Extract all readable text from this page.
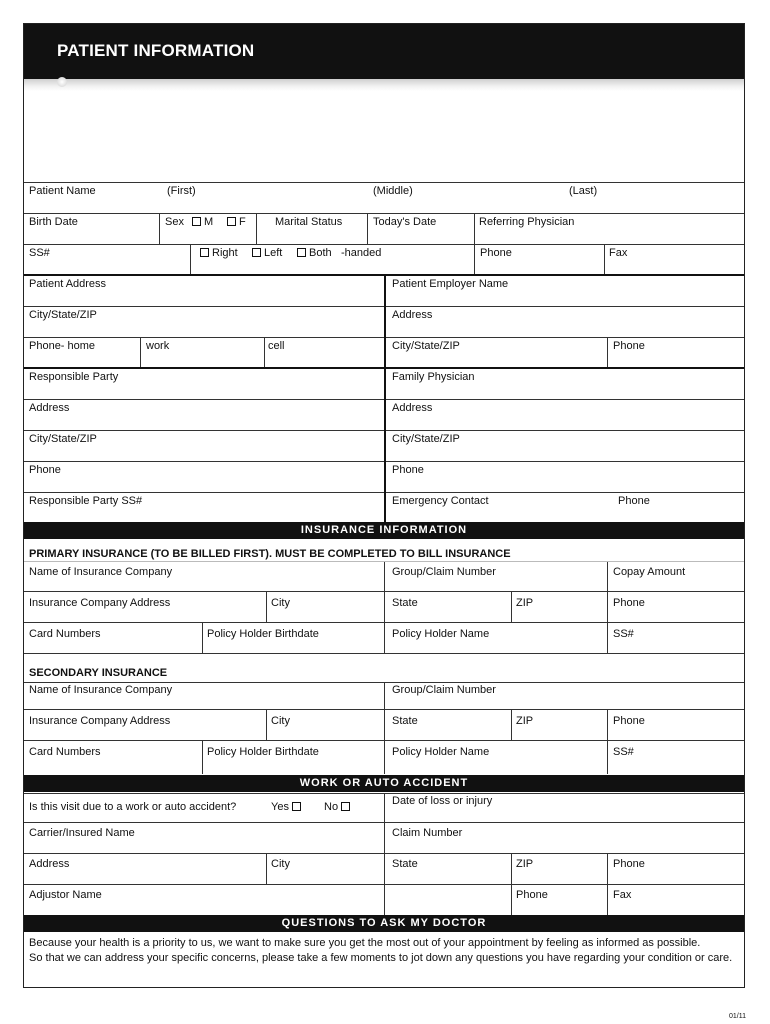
PATIENT INFORMATION
Patient Name	(First)	(Middle)	(Last)
Birth Date	Sex	M	F	Marital Status	Today's Date	Referring Physician
SS#	Right	Left	Both -handed	Phone	Fax
Patient Address	Patient Employer Name
City/State/ZIP	Address
Phone- home	work	cell	City/State/ZIP	Phone
Responsible Party	Family Physician
Address	Address
City/State/ZIP	City/State/ZIP
Phone	Phone
Responsible Party SS#	Emergency Contact	Phone
INSURANCE INFORMATION
PRIMARY INSURANCE (TO BE BILLED FIRST). MUST BE COMPLETED TO BILL INSURANCE
Name of Insurance Company	Group/Claim Number	Copay Amount
Insurance Company Address	City	State	ZIP	Phone
Card Numbers	Policy Holder Birthdate	Policy Holder Name	SS#
SECONDARY INSURANCE
Name of Insurance Company	Group/Claim Number
Insurance Company Address	City	State	ZIP	Phone
Card Numbers	Policy Holder Birthdate	Policy Holder Name	SS#
WORK OR AUTO ACCIDENT
Is this visit due to a work or auto accident?	Yes	No	Date of loss or injury
Carrier/Insured Name	Claim Number
Address	City	State	ZIP	Phone
Adjustor Name	Phone	Fax
QUESTIONS TO ASK MY DOCTOR
Because your health is a priority to us, we want to make sure you get the most out of your appointment by feeling as informed as possible.
So that we can address your specific concerns, please take a few moments to jot down any questions you have regarding your condition or care.
01/11
